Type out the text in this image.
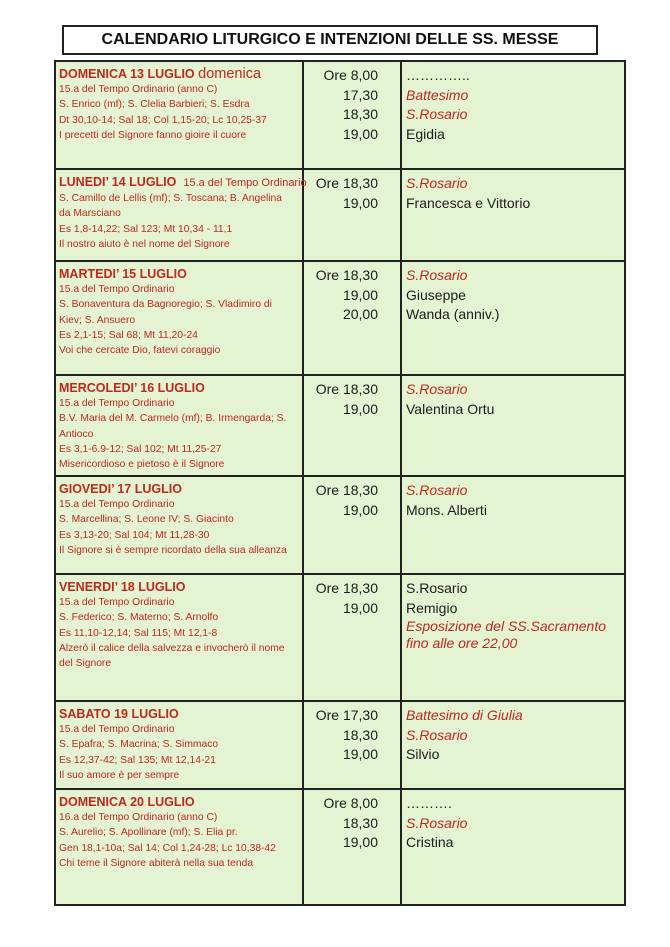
CALENDARIO LITURGICO E INTENZIONI DELLE SS. MESSE
DOMENICA 13 LUGLIO domenica
15.a del Tempo Ordinario (anno C)
S. Enrico (mf); S. Clelia Barbieri; S. Esdra
Dt 30,10-14; Sal 18; Col 1,15-20; Lc 10,25-37
I precetti del Signore fanno gioire il cuore
Ore 8,00
17,30
18,30
19,00
…………..
Battesimo
S.Rosario
Egidia
LUNEDI’ 14 LUGLIO 15.a del Tempo Ordinario
S. Camillo de Lellis (mf); S. Toscana; B. Angelina
da Marsciano
Es 1,8-14,22; Sal 123; Mt 10,34 - 11,1
Il nostro aiuto è nel nome del Signore
Ore 18,30
19,00
S.Rosario
Francesca e Vittorio
MARTEDI’ 15 LUGLIO
15.a del Tempo Ordinario
S. Bonaventura da Bagnoregio; S. Vladimiro di
Kiev; S. Ansuero
Es 2,1-15; Sal 68; Mt 11,20-24
Voi che cercate Dio, fatevi coraggio
Ore 18,30
19,00
20,00
S.Rosario
Giuseppe
Wanda (anniv.)
MERCOLEDI’ 16 LUGLIO
15.a del Tempo Ordinario
B.V. Maria del M. Carmelo (mf); B. Irmengarda; S.
Antioco
Es 3,1-6.9-12; Sal 102; Mt 11,25-27
Misericordioso e pietoso è il Signore
Ore 18,30
19,00
S.Rosario
Valentina Ortu
GIOVEDI’ 17 LUGLIO
15.a del Tempo Ordinario
S. Marcellina; S. Leone IV; S. Giacinto
Es 3,13-20; Sal 104; Mt 11,28-30
Il Signore si è sempre ricordato della sua alleanza
Ore 18,30
19,00
S.Rosario
Mons. Alberti
VENERDI’ 18 LUGLIO
15.a del Tempo Ordinario
S. Federico; S. Materno; S. Arnolfo
Es 11,10-12,14; Sal 115; Mt 12,1-8
Alzerò il calice della salvezza e invocherò il nome
del Signore
Ore 18,30
19,00
S.Rosario
Remigio
Esposizione del SS.Sacramento
fino alle ore 22,00
SABATO 19 LUGLIO
15.a del Tempo Ordinario
S. Epafra; S. Macrina; S. Simmaco
Es 12,37-42; Sal 135; Mt 12,14-21
Il suo amore è per sempre
Ore 17,30
18,30
19,00
Battesimo di Giulia
S.Rosario
Silvio
DOMENICA 20 LUGLIO
16.a del Tempo Ordinario (anno C)
S. Aurelio; S. Apollinare (mf); S. Elia pr.
Gen 18,1-10a; Sal 14; Col 1,24-28; Lc 10,38-42
Chi teme il Signore abiterà nella sua tenda
Ore 8,00
18,30
19,00
……….
S.Rosario
Cristina
